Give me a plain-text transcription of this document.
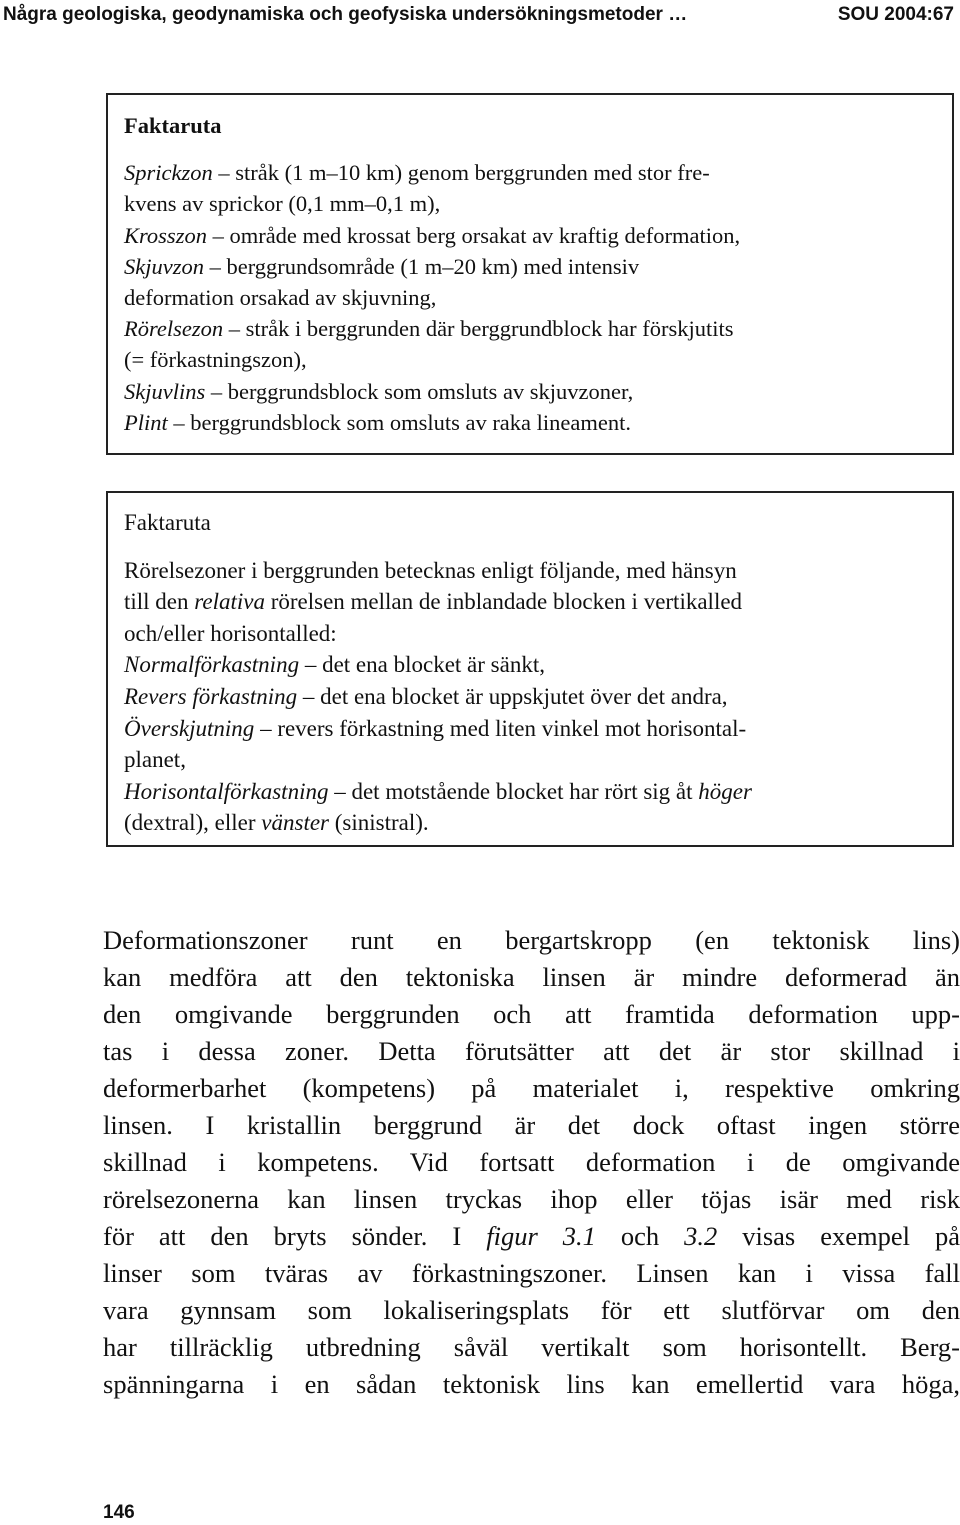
Några geologiska, geodynamiska och geofysiska undersökningsmetoder …	SOU 2004:67
Faktaruta
Sprickzon – stråk (1 m–10 km) genom berggrunden med stor fre-
kvens av sprickor (0,1 mm–0,1 m),
Krosszon – område med krossat berg orsakat av kraftig deformation,
Skjuvzon – berggrundsområde (1 m–20 km) med intensiv
deformation orsakad av skjuvning,
Rörelsezon – stråk i berggrunden där berggrundblock har förskjutits
(= förkastningszon),
Skjuvlins – berggrundsblock som omsluts av skjuvzoner,
Plint – berggrundsblock som omsluts av raka lineament.
Faktaruta
Rörelsezoner i berggrunden betecknas enligt följande, med hänsyn
till den relativa rörelsen mellan de inblandade blocken i vertikalled
och/eller horisontalled:
Normalförkastning – det ena blocket är sänkt,
Revers förkastning – det ena blocket är uppskjutet över det andra,
Överskjutning – revers förkastning med liten vinkel mot horisontal-
planet,
Horisontalförkastning – det motstående blocket har rört sig åt höger
(dextral), eller vänster (sinistral).
Deformationszoner runt en bergartskropp (en tektonisk lins)
kan medföra att den tektoniska linsen är mindre deformerad än
den omgivande berggrunden och att framtida deformation upp-
tas i dessa zoner. Detta förutsätter att det är stor skillnad i
deformerbarhet (kompetens) på materialet i, respektive omkring
linsen. I kristallin berggrund är det dock oftast ingen större
skillnad i kompetens. Vid fortsatt deformation i de omgivande
rörelsezonerna kan linsen tryckas ihop eller töjas isär med risk
för att den bryts sönder. I figur 3.1 och 3.2 visas exempel på
linser som tväras av förkastningszoner. Linsen kan i vissa fall
vara gynnsam som lokaliseringsplats för ett slutförvar om den
har tillräcklig utbredning såväl vertikalt som horisontellt. Berg-
spänningarna i en sådan tektonisk lins kan emellertid vara höga,
146
